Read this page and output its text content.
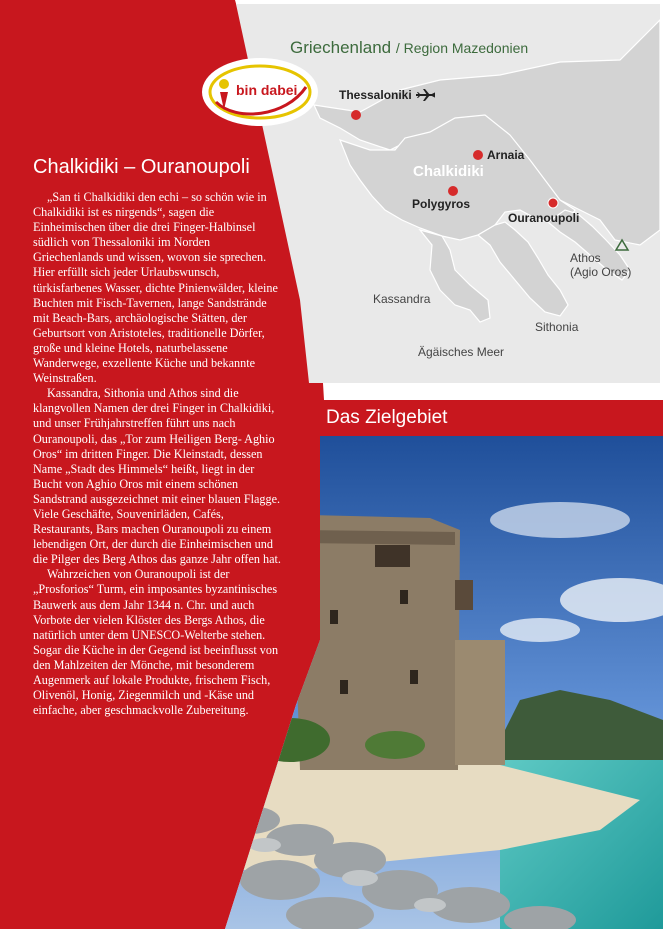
bin dabei
Griechenland / Region Mazedonien
Thessaloniki
Arnaia
Chalkidiki
Polygyros
Ouranoupoli
Athos
(Agio Oros)
Kassandra
Sithonia
Ägäisches Meer
Chalkidiki – Ouranoupoli

„San ti Chalkidiki den echi – so schön wie in Chalkidiki ist es nirgends“, sagen die Einheimischen über die drei Finger-Halbinsel südlich von Thessaloniki im Norden Griechenlands und wissen, wovon sie sprechen. Hier erfüllt sich jeder Urlaubswunsch, türkisfarbenes Wasser, dichte Pinienwälder, kleine Buchten mit Fisch-Tavernen, lange Sandstrände mit Beach-Bars, archäologische Stätten, der Geburtsort von Aristoteles, traditionelle Dörfer, große und kleine Hotels, naturbelassene Wanderwege, exzellente Küche und bekannte Weinstraßen.

Kassandra, Sithonia und Athos sind die klangvollen Namen der drei Finger in Chalkidiki, und unser Frühjahrstreffen führt uns nach Ouranoupoli, das „Tor zum Heiligen Berg- Aghio Oros“ im dritten Finger. Die Kleinstadt, dessen Name „Stadt des Himmels“ heißt, liegt in der Bucht von Aghio Oros mit einem schönen Sandstrand ausgezeichnet mit einer blauen Flagge. Viele Geschäfte, Souvenirläden, Cafés, Restaurants, Bars machen Ouranoupoli zu einem lebendigen Ort, der durch die Einheimischen und die Pilger des Berg Athos das ganze Jahr offen hat.

Wahrzeichen von Ouranoupoli ist der „Prosforios“ Turm, ein imposantes byzantinisches Bauwerk aus dem Jahr 1344 n. Chr. und auch Vorbote der vielen Klöster des Bergs Athos, die natürlich unter dem UNESCO-Welterbe stehen. Sogar die Küche in der Gegend ist beeinflusst von den Mahlzeiten der Mönche, mit besonderem Augenmerk auf lokale Produkte, frischem Fisch, Olivenöl, Honig, Ziegenmilch und -Käse und einfache, aber geschmackvolle Zubereitung.

Das Zielgebiet
